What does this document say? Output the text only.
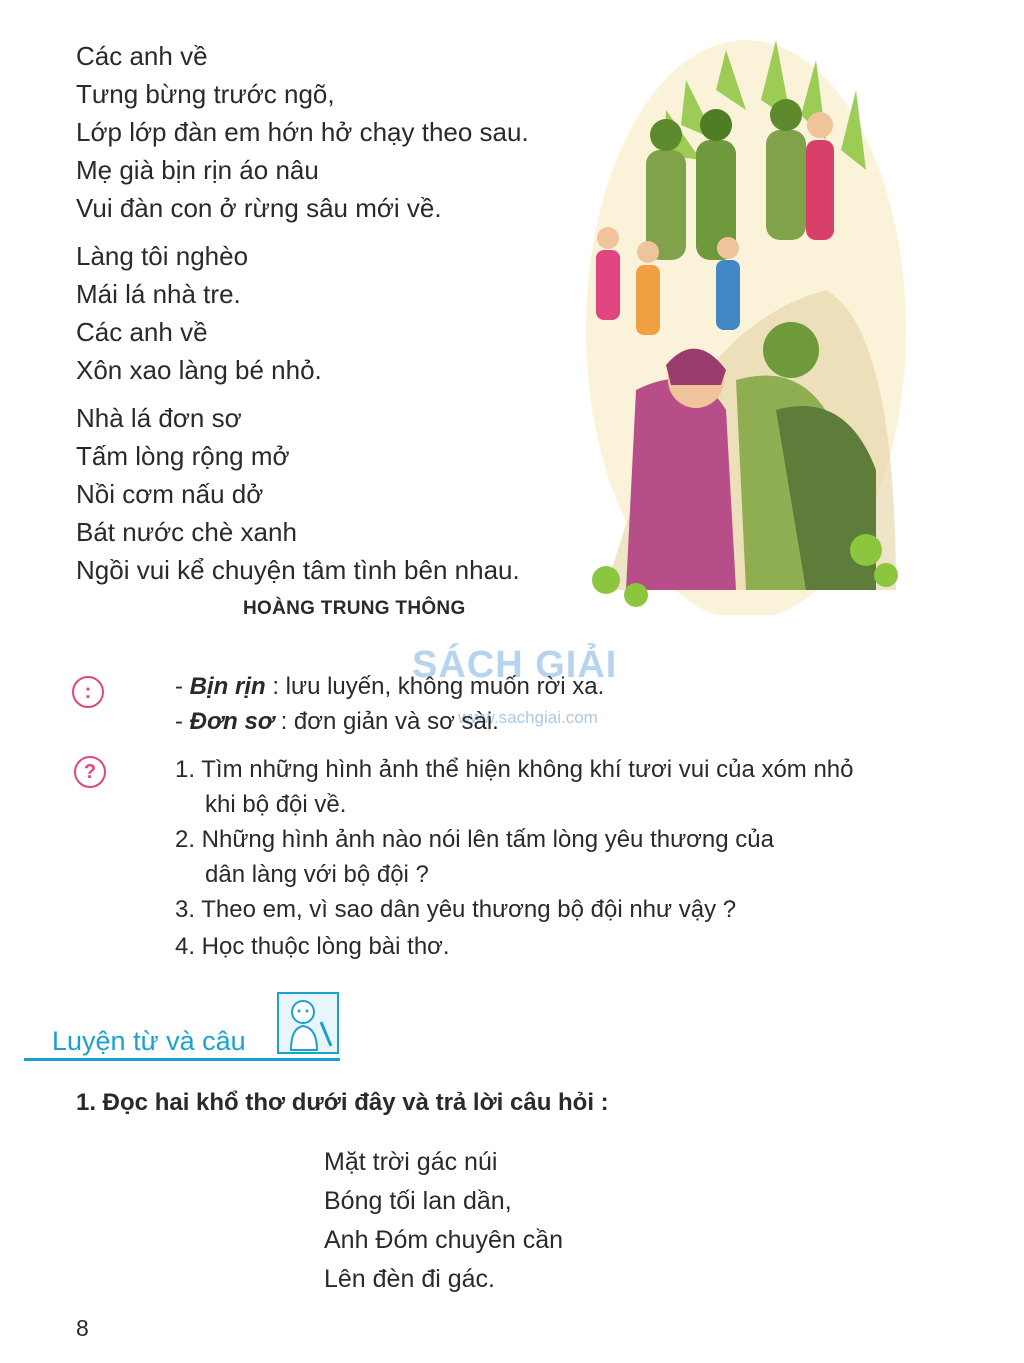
Các anh về
Tưng bừng trước ngõ,
Lớp lớp đàn em hớn hở chạy theo sau.
Mẹ già bịn rịn áo nâu
Vui đàn con ở rừng sâu mới về.
Làng tôi nghèo
Mái lá nhà tre.
Các anh về
Xôn xao làng bé nhỏ.
Nhà lá đơn sơ
Tấm lòng rộng mở
Nồi cơm nấu dở
Bát nước chè xanh
Ngồi vui kể chuyện tâm tình bên nhau.
HOÀNG TRUNG THÔNG
SÁCH GIẢI
www.sachgiai.com
:	- Bịn rịn : lưu luyến, không muốn rời xa.
- Đơn sơ : đơn giản và sơ sài.
?	1. Tìm những hình ảnh thể hiện không khí tươi vui của xóm nhỏ
khi bộ đội về.
2. Những hình ảnh nào nói lên tấm lòng yêu thương của
dân làng với bộ đội ?
3. Theo em, vì sao dân yêu thương bộ đội như vậy ?
4. Học thuộc lòng bài thơ.
Luyện từ và câu
1. Đọc hai khổ thơ dưới đây và trả lời câu hỏi :
Mặt trời gác núi
Bóng tối lan dần,
Anh Đóm chuyên cần
Lên đèn đi gác.
8
